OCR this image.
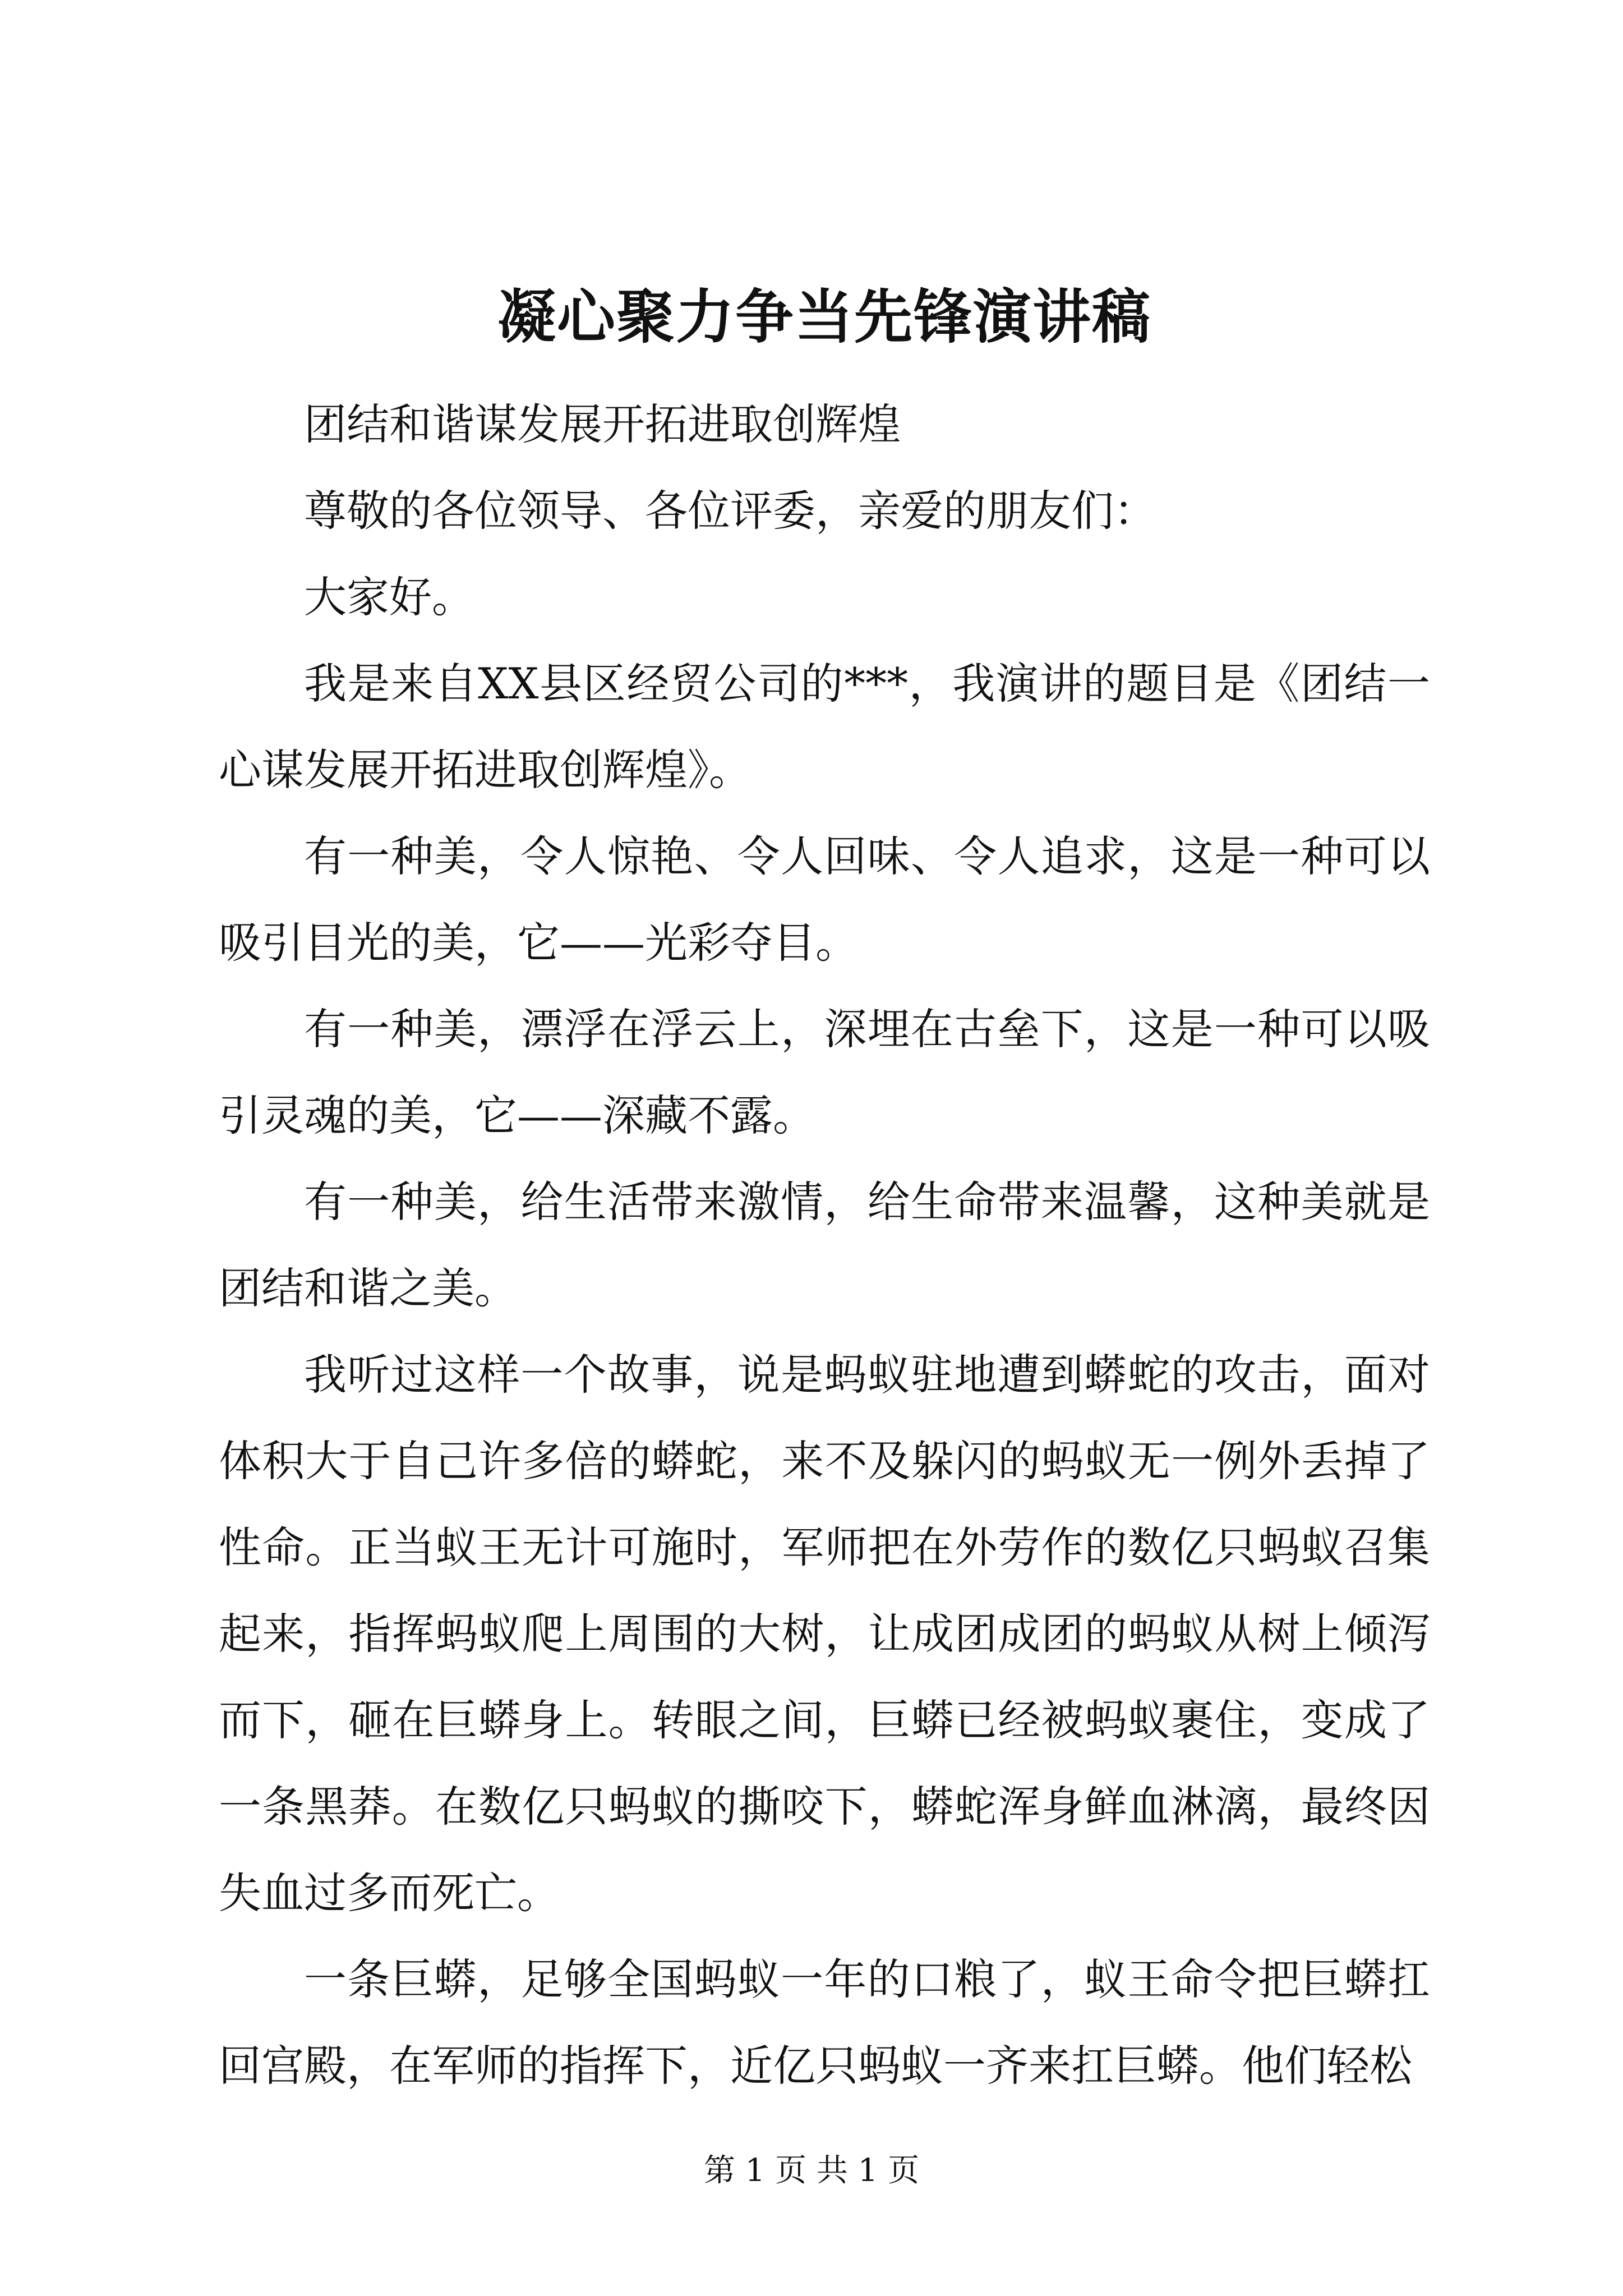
凝心聚力争当先锋演讲稿

团结和谐谋发展开拓进取创辉煌

尊敬的各位领导、各位评委，亲爱的朋友们：

大家好。

我是来自XX县区经贸公司的***，我演讲的题目是《团结一心谋发展开拓进取创辉煌》。

有一种美，令人惊艳、令人回味、令人追求，这是一种可以吸引目光的美，它——光彩夺目。

有一种美，漂浮在浮云上，深埋在古垒下，这是一种可以吸引灵魂的美，它——深藏不露。

有一种美，给生活带来激情，给生命带来温馨，这种美就是团结和谐之美。

我听过这样一个故事，说是蚂蚁驻地遭到蟒蛇的攻击，面对体积大于自己许多倍的蟒蛇，来不及躲闪的蚂蚁无一例外丢掉了性命。正当蚁王无计可施时，军师把在外劳作的数亿只蚂蚁召集起来，指挥蚂蚁爬上周围的大树，让成团成团的蚂蚁从树上倾泻而下，砸在巨蟒身上。转眼之间，巨蟒已经被蚂蚁裹住，变成了一条黑莽。在数亿只蚂蚁的撕咬下，蟒蛇浑身鲜血淋漓，最终因失血过多而死亡。

一条巨蟒，足够全国蚂蚁一年的口粮了，蚁王命令把巨蟒扛回宫殿，在军师的指挥下，近亿只蚂蚁一齐来扛巨蟒。他们轻松

第 1 页 共 1 页
